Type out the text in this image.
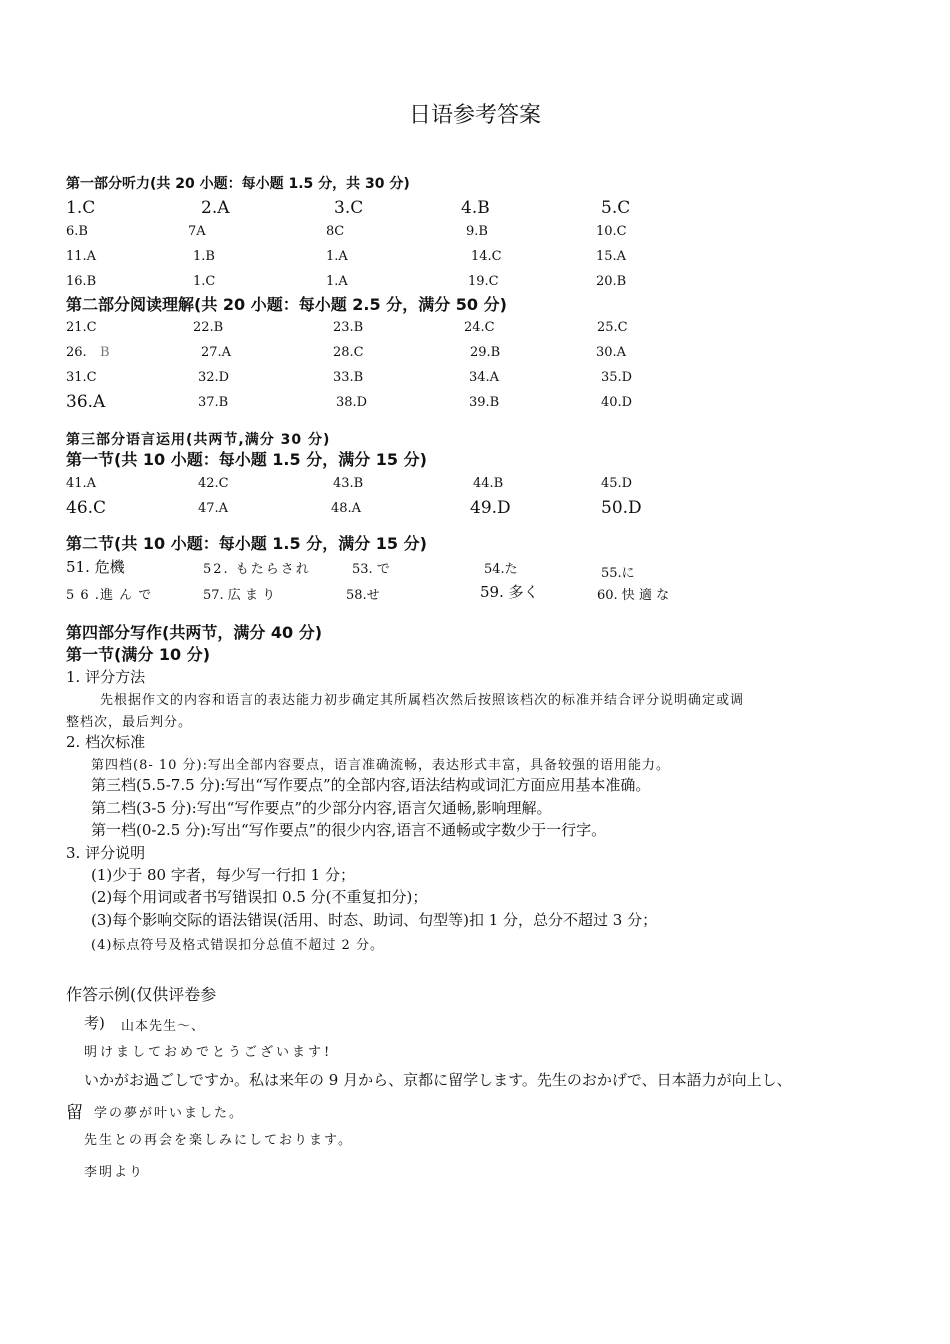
日语参考答案
第一部分听力(共 20 小题：每小题 1.5 分，共 30 分)
1.C	2.A	3.C	4.B	5.C
6.B	7A	8C	9.B	10.C
11.A	1.B	1.A	14.C	15.A
16.B	1.C	1.A	19.C	20.B
第二部分阅读理解(共 20 小题：每小题 2.5 分，满分 50 分)
21.C	22.B	23.B	24.C	25.C
26. B	27.A	28.C	29.B	30.A
31.C	32.D	33.B	34.A	35.D
36.A	37.B	38.D	39.B	40.D
第三部分语言运用(共两节,满分 30 分)
第一节(共 10 小题：每小题 1.5 分，满分 15 分)
41.A	42.C	43.B	44.B	45.D
46.C	47.A	48.A	49.D	50.D
第二节(共 10 小题：每小题 1.5 分，满分 15 分)
51. 危機	52. もたらされ	53. で	54.た	55.に
5 6 .進 ん で	57. 広 ま り	58.せ	59. 多く	60. 快 適 な
第四部分写作(共两节，满分 40 分)
第一节(满分 10 分)
1. 评分方法
先根据作文的内容和语言的表达能力初步确定其所属档次然后按照该档次的标准并结合评分说明确定或调
整档次，最后判分。
2. 档次标准
第四档(8- 10 分):写出全部内容要点，语言准确流畅，表达形式丰富，具备较强的语用能力。
第三档(5.5-7.5 分):写出“写作要点”的全部内容,语法结构或词汇方面应用基本准确。
第二档(3-5 分):写出“写作要点”的少部分内容,语言欠通畅,影响理解。
第一档(0-2.5 分):写出“写作要点”的很少内容,语言不通畅或字数少于一行字。
3. 评分说明
(1)少于 80 字者，每少写一行扣 1 分；
(2)每个用词或者书写错误扣 0.5 分(不重复扣分)；
(3)每个影响交际的语法错误(活用、时态、助词、句型等)扣 1 分，总分不超过 3 分；
(4)标点符号及格式错误扣分总值不超过 2 分。
作答示例(仅供评卷参
考) 山本先生～、
明けましておめでとうございます!
いかがお過ごしですか。私は来年の 9 月から、京都に留学します。先生のおかげで、日本語力が向上し、
留 学の夢が叶いました。
先生との再会を楽しみにしております。
李明より
